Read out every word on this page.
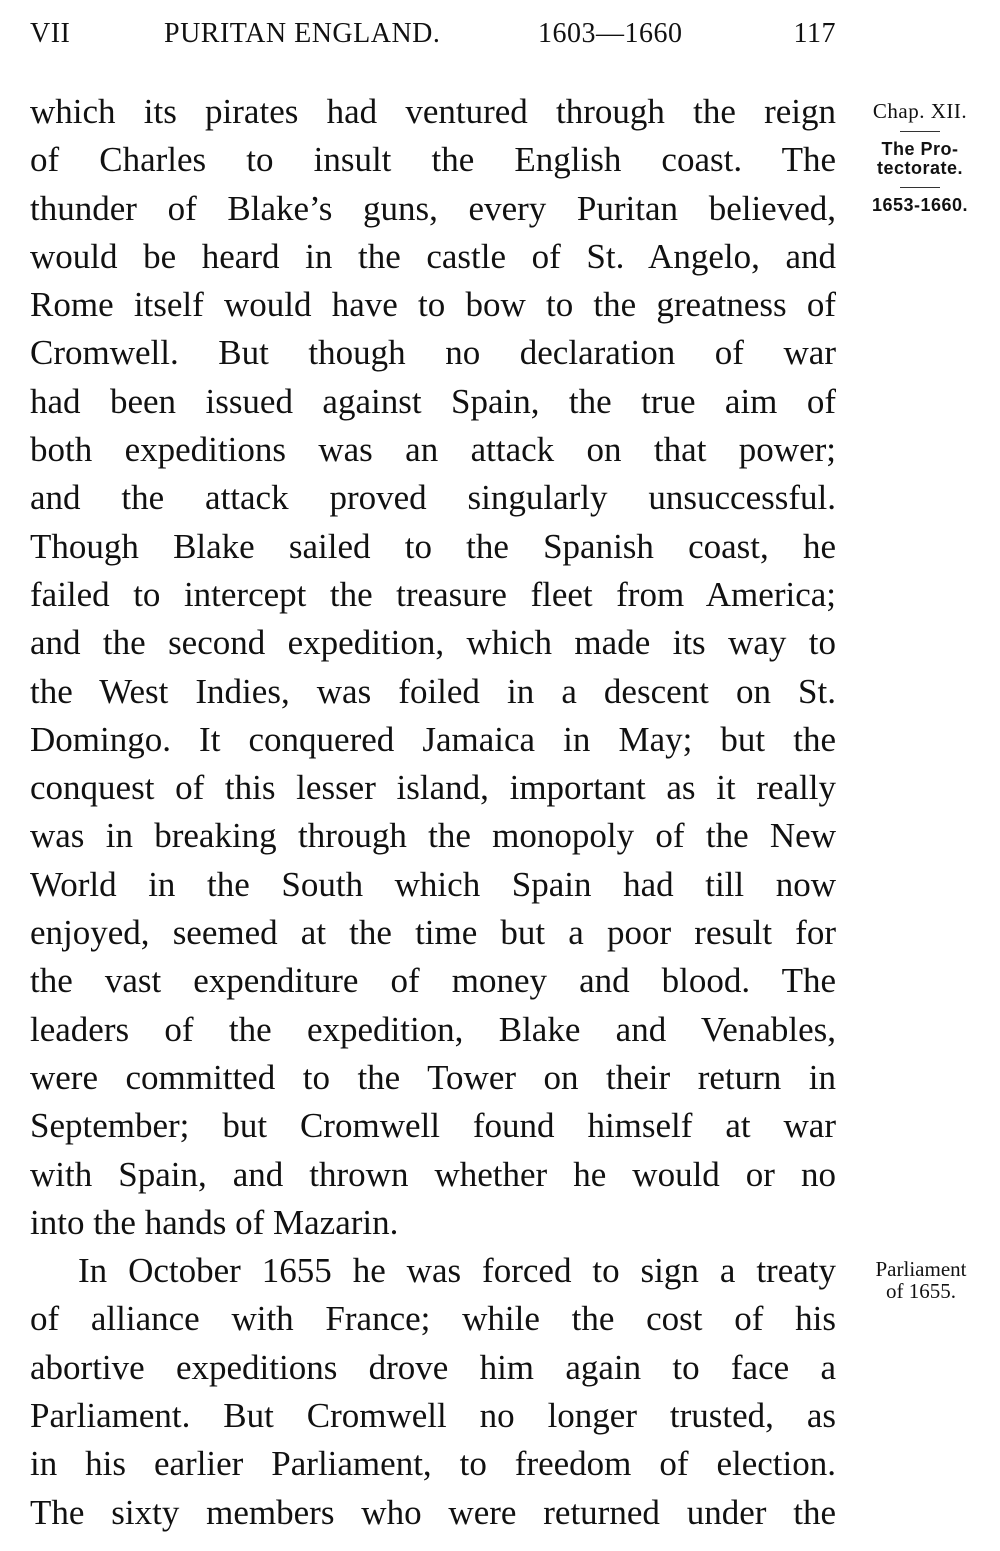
VII	PURITAN ENGLAND.	1603—1660	117
which its pirates had ventured through the reign
of Charles to insult the English coast. The
thunder of Blake’s guns, every Puritan believed,
would be heard in the castle of St. Angelo, and
Rome itself would have to bow to the greatness of
Cromwell. But though no declaration of war
had been issued against Spain, the true aim of
both expeditions was an attack on that power;
and the attack proved singularly unsuccessful.
Though Blake sailed to the Spanish coast, he
failed to intercept the treasure fleet from America;
and the second expedition, which made its way to
the West Indies, was foiled in a descent on St.
Domingo. It conquered Jamaica in May; but the
conquest of this lesser island, important as it really
was in breaking through the monopoly of the New
World in the South which Spain had till now
enjoyed, seemed at the time but a poor result for
the vast expenditure of money and blood. The
leaders of the expedition, Blake and Venables,
were committed to the Tower on their return in
September; but Cromwell found himself at war
with Spain, and thrown whether he would or no
into the hands of Mazarin.
In October 1655 he was forced to sign a treaty
of alliance with France; while the cost of his
abortive expeditions drove him again to face a
Parliament. But Cromwell no longer trusted, as
in his earlier Parliament, to freedom of election.
The sixty members who were returned under the
Chap. XII.
The Pro-
tectorate.
1653-1660.
Parliament
of 1655.
